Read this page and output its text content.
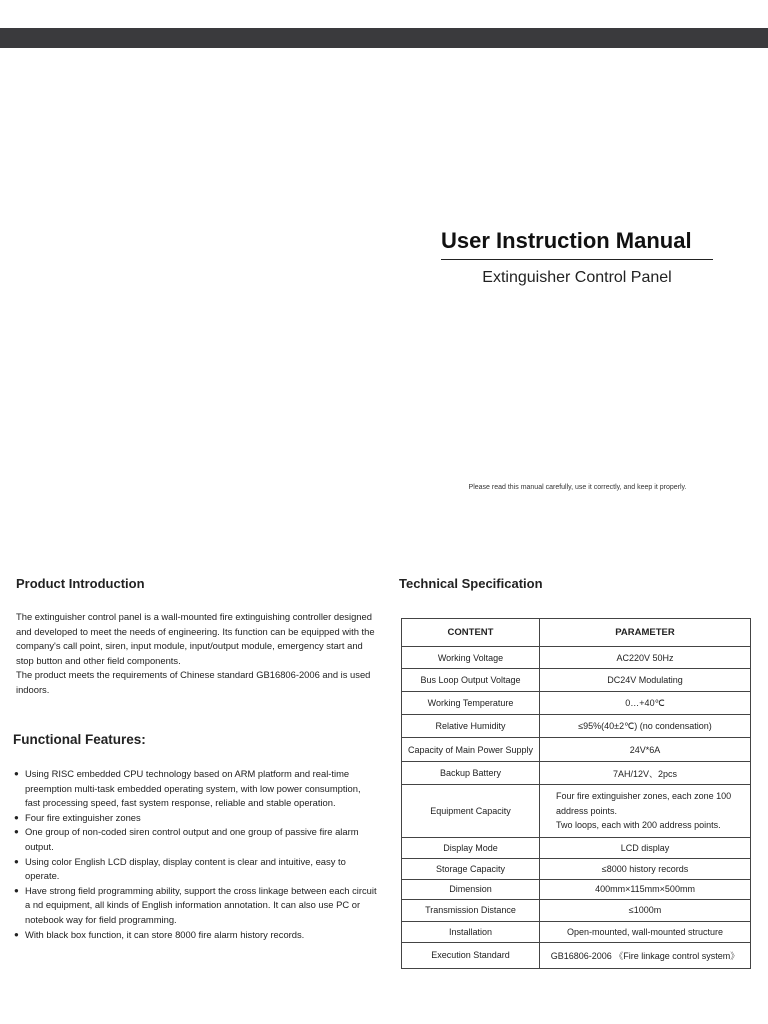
User Instruction Manual
Extinguisher Control Panel
Please read this manual carefully, use it correctly, and keep it properly.
Product Introduction

The extinguisher control panel is a wall-mounted fire extinguishing controller designed and developed to meet the needs of engineering. Its function can be equipped with the company's call point, siren, input module, input/output module, emergency start and stop button and other field components.

The product meets the requirements of Chinese standard GB16806-2006 and is used indoors.

Functional Features:
● Using RISC embedded CPU technology based on ARM platform and real-time preemption multi-task embedded operating system, with low power consumption, fast processing speed, fast system response, reliable and stable operation.
● Four fire extinguisher zones
● One group of non-coded siren control output and one group of passive fire alarm output.
● Using color English LCD display, display content is clear and intuitive, easy to operate.
● Have strong field programming ability, support the cross linkage between each circuit a nd equipment, all kinds of English information annotation. It can also use PC or notebook way for field programming.
● With black box function, it can store 8000 fire alarm history records.
Technical Specification
CONTENT	PARAMETER
Working Voltage	AC220V 50Hz
Bus Loop Output Voltage	DC24V Modulating
Working Temperature	0…+40℃
Relative Humidity	≤95%(40±2℃) (no condensation)
Capacity of Main Power Supply	24V*6A
Backup Battery	7AH/12V、2pcs
Equipment Capacity	Four fire extinguisher zones, each zone 100 address points.
Two loops, each with 200 address points.

Display Mode	LCD display
Storage Capacity	≤8000 history records
Dimension	400mm×115mm×500mm
Transmission Distance	≤1000m
Installation	Open-mounted, wall-mounted structure
Execution Standard	GB16806-2006 《Fire linkage control system》
